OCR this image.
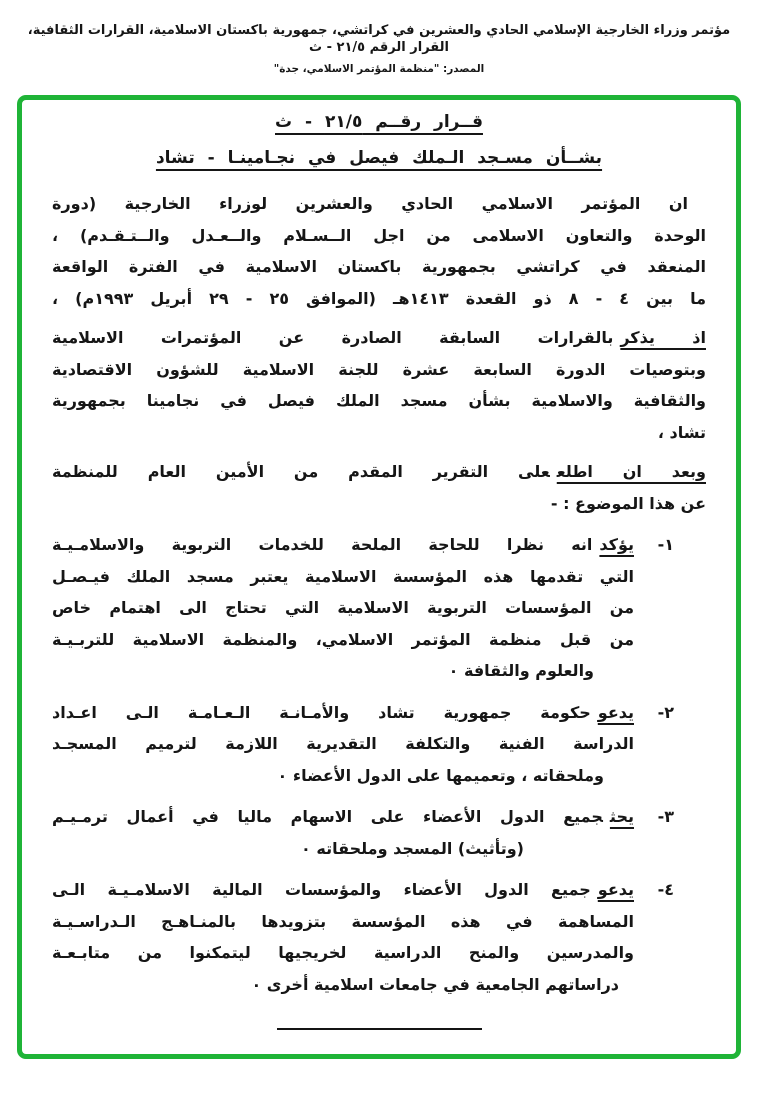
مؤتمر وزراء الخارجية الإسلامي الحادي والعشرين في كراتشي، جمهورية باكستان الاسلامية، القرارات الثقافية، القرار الرقم ٢١/٥ - ث
المصدر: "منظمة المؤتمر الاسلامي، جدة"
قــرار رقــم ٢١/٥ - ث
بشــأن مسـجد الـملك فيصل في نجـامينـا - تشاد
ان المؤتمر الاسلامي الحادي والعشرين لوزراء الخارجية (دورة
الوحدة والتعاون الاسلامى من اجل الــسـلام والــعـدل والــتـقـدم) ،
المنعقد في كراتشي بجمهورية باكستان الاسلامية في الفترة الواقعة
ما بين ٤ - ٨ ذو القعدة ١٤١٣هـ (الموافق ٢٥ - ٢٩ أبريل ١٩٩٣م) ،
اذ يذكربالقرارات السابقة الصادرة عن المؤتمرات الاسلامية
وبتوصيات الدورة السابعة عشرة للجنة الاسلامية للشؤون الاقتصادية
والثقافية والاسلامية بشأن مسجد الملك فيصل في نجامينا بجمهورية
تشاد ،
وبعد ان اطلععلى التقرير المقدم من الأمين العام للمنظمة
عن هذا الموضوع : -
١-
يؤكدانه نظرا للحاجة الملحة للخدمات التربوية والاسلامـيـة
التي تقدمها هذه المؤسسة الاسلامية يعتبر مسجد الملك فيـصـل
من المؤسسات التربوية الاسلامية التي تحتاج الى اهتمام خاص
من قبل منظمة المؤتمر الاسلامي، والمنظمة الاسلامية للتربـيـة
والعلوم والثقافة ٠
٢-
يدعوحكومة جمهورية تشاد والأمـانـة الـعـامـة الـى اعـداد
الدراسة الفنية والتكلفة التقديرية اللازمة لترميم المسجـد
وملحقاته ، وتعميمها على الدول الأعضاء ٠
٣-
يحثجميع الدول الأعضاء على الاسهام ماليا في أعمال ترمـيـم
(وتأثيث) المسجد وملحقاته ٠
٤-
يدعوجميع الدول الأعضاء والمؤسسات المالية الاسلامـيـة الـى
المساهمة في هذه المؤسسة بتزويدها بالمنـاهـج الـدراسـيـة
والمدرسين والمنح الدراسية لخريجيها ليتمكنوا من متابـعـة
دراساتهم الجامعية في جامعات اسلامية أخرى ٠
